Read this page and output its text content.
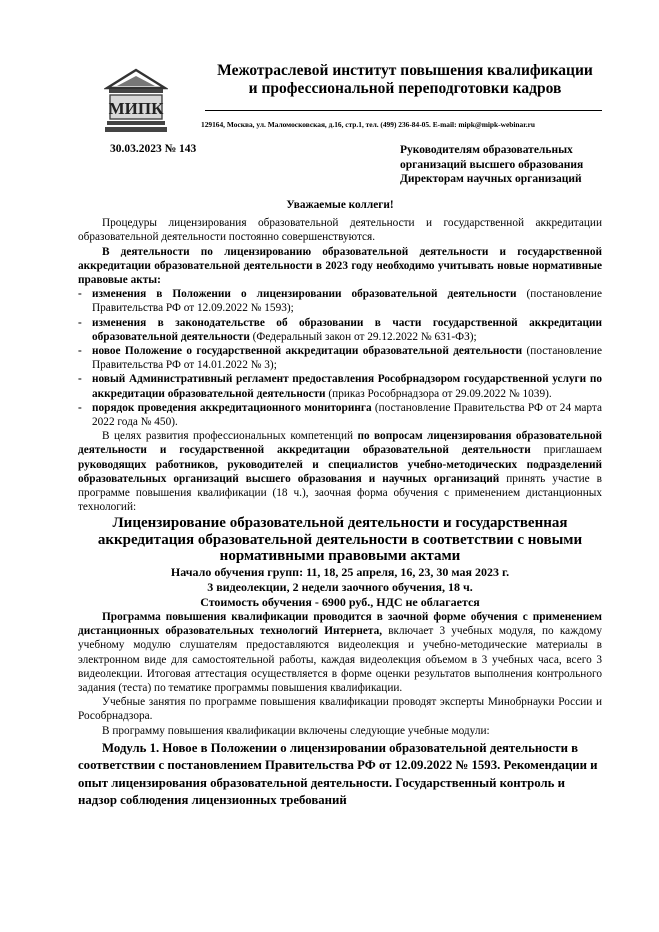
МИПК
Межотраслевой институт повышения квалификации
и профессиональной переподготовки кадров
129164, Москва, ул. Маломосковская, д.16, стр.1, тел. (499) 236-84-05. E-mail: mipk@mipk-webinar.ru
30.03.2023 № 143	Руководителям образовательных
организаций высшего образования
Директорам научных организаций

Уважаемые коллеги!

Процедуры лицензирования образовательной деятельности и государственной аккредитации образовательной деятельности постоянно совершенствуются.

В деятельности по лицензированию образовательной деятельности и государственной аккредитации образовательной деятельности в 2023 году необходимо учитывать новые нормативные правовые акты:

- изменения в Положении о лицензировании образовательной деятельности (постановление Правительства РФ от 12.09.2022 № 1593);
- изменения в законодательстве об образовании в части государственной аккредитации образовательной деятельности (Федеральный закон от 29.12.2022 № 631-ФЗ);
- новое Положение о государственной аккредитации образовательной деятельности (постановление Правительства РФ от 14.01.2022 № 3);
- новый Административный регламент предоставления Рособрнадзором государственной услуги по аккредитации образовательной деятельности (приказ Рособрнадзора от 29.09.2022 № 1039).
- порядок проведения аккредитационного мониторинга (постановление Правительства РФ от 24 марта 2022 года № 450).

В целях развития профессиональных компетенций по вопросам лицензирования образовательной деятельности и государственной аккредитации образовательной деятельности приглашаем руководящих работников, руководителей и специалистов учебно-методических подразделений образовательных организаций высшего образования и научных организаций принять участие в программе повышения квалификации (18 ч.), заочная форма обучения с применением дистанционных технологий:

Лицензирование образовательной деятельности и государственная аккредитация образовательной деятельности в соответствии с новыми нормативными правовыми актами

Начало обучения групп: 11, 18, 25 апреля, 16, 23, 30 мая 2023 г.

3 видеолекции, 2 недели заочного обучения, 18 ч.

Стоимость обучения - 6900 руб., НДС не облагается

Программа повышения квалификации проводится в заочной форме обучения с применением дистанционных образовательных технологий Интернета, включает 3 учебных модуля, по каждому учебному модулю слушателям предоставляются видеолекция и учебно-методические материалы в электронном виде для самостоятельной работы, каждая видеолекция объемом в 3 учебных часа, всего 3 видеолекции. Итоговая аттестация осуществляется в форме оценки результатов выполнения контрольного задания (теста) по тематике программы повышения квалификации.

Учебные занятия по программе повышения квалификации проводят эксперты Минобрнауки России и Рособрнадзора.

В программу повышения квалификации включены следующие учебные модули:

Модуль 1. Новое в Положении о лицензировании образовательной деятельности в соответствии с постановлением Правительства РФ от 12.09.2022 № 1593. Рекомендации и опыт лицензирования образовательной деятельности. Государственный контроль и надзор соблюдения лицензионных требований
